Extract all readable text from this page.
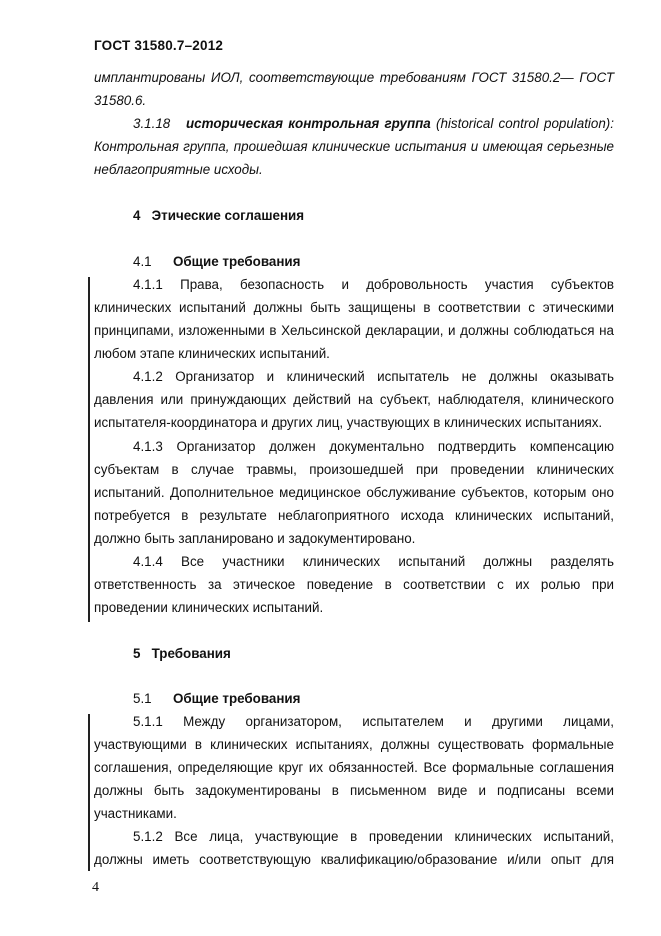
ГОСТ 31580.7–2012
имплантированы ИОЛ, соответствующие требованиям ГОСТ 31580.2— ГОСТ
31580.6.
3.1.18 историческая контрольная группа (historical control population):
Контрольная группа, прошедшая клинические испытания и имеющая серьезные
неблагоприятные исходы.
4 Этические соглашения
4.1 Общие требования
4.1.1 Права, безопасность и добровольность участия субъектов
клинических испытаний должны быть защищены в соответствии с этическими
принципами, изложенными в Хельсинской декларации, и должны соблюдаться на
любом этапе клинических испытаний.
4.1.2 Организатор и клинический испытатель не должны оказывать
давления или принуждающих действий на субъект, наблюдателя, клинического
испытателя-координатора и других лиц, участвующих в клинических испытаниях.
4.1.3 Организатор должен документально подтвердить компенсацию
субъектам в случае травмы, произошедшей при проведении клинических
испытаний. Дополнительное медицинское обслуживание субъектов, которым оно
потребуется в результате неблагоприятного исхода клинических испытаний,
должно быть запланировано и задокументировано.
4.1.4 Все участники клинических испытаний должны разделять
ответственность за этическое поведение в соответствии с их ролью при
проведении клинических испытаний.
5 Требования
5.1 Общие требования
5.1.1 Между организатором, испытателем и другими лицами,
участвующими в клинических испытаниях, должны существовать формальные
соглашения, определяющие круг их обязанностей. Все формальные соглашения
должны быть задокументированы в письменном виде и подписаны всеми
участниками.
5.1.2 Все лица, участвующие в проведении клинических испытаний,
должны иметь соответствующую квалификацию/образование и/или опыт для
4
